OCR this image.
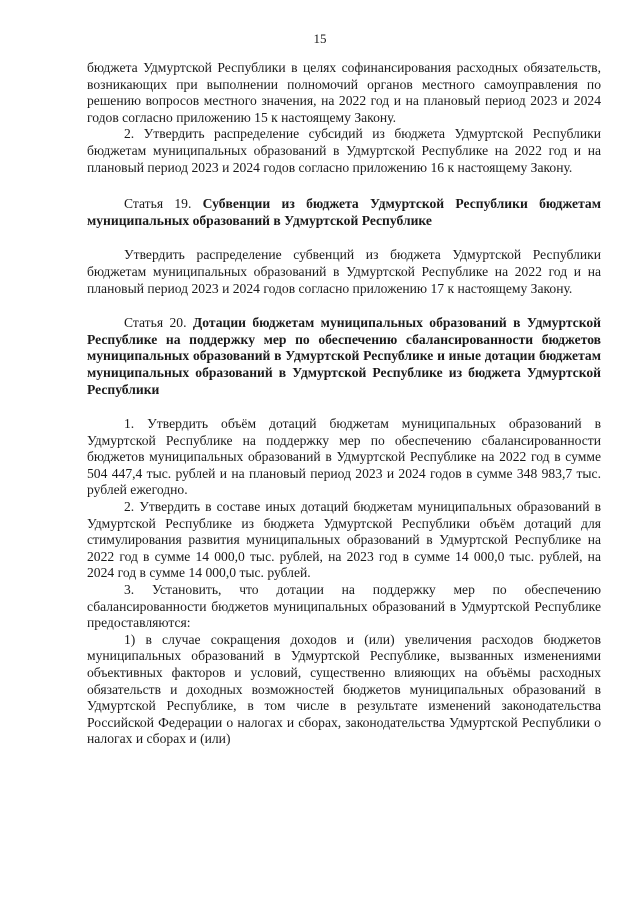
15

бюджета Удмуртской Республики в целях софинансирования расходных обязательств, возникающих при выполнении полномочий органов местного самоуправления по решению вопросов местного значения, на 2022 год и на плановый период 2023 и 2024 годов согласно приложению 15 к настоящему Закону.

2. Утвердить распределение субсидий из бюджета Удмуртской Республики бюджетам муниципальных образований в Удмуртской Республике на 2022 год и на плановый период 2023 и 2024 годов согласно приложению 16 к настоящему Закону.

Статья 19. Субвенции из бюджета Удмуртской Республики бюджетам муниципальных образований в Удмуртской Республике

Утвердить распределение субвенций из бюджета Удмуртской Республики бюджетам муниципальных образований в Удмуртской Республике на 2022 год и на плановый период 2023 и 2024 годов согласно приложению 17 к настоящему Закону.

Статья 20. Дотации бюджетам муниципальных образований в Удмуртской Республике на поддержку мер по обеспечению сбалансированности бюджетов муниципальных образований в Удмуртской Республике и иные дотации бюджетам муниципальных образований в Удмуртской Республике из бюджета Удмуртской Республики

1. Утвердить объём дотаций бюджетам муниципальных образований в Удмуртской Республике на поддержку мер по обеспечению сбалансированности бюджетов муниципальных образований в Удмуртской Республике на 2022 год в сумме 504 447,4 тыс. рублей и на плановый период 2023 и 2024 годов в сумме 348 983,7 тыс. рублей ежегодно.

2. Утвердить в составе иных дотаций бюджетам муниципальных образований в Удмуртской Республике из бюджета Удмуртской Республики объём дотаций для стимулирования развития муниципальных образований в Удмуртской Республике на 2022 год в сумме 14 000,0 тыс. рублей, на 2023 год в сумме 14 000,0 тыс. рублей, на 2024 год в сумме 14 000,0 тыс. рублей.

3. Установить, что дотации на поддержку мер по обеспечению сбалансированности бюджетов муниципальных образований в Удмуртской Республике предоставляются:

1) в случае сокращения доходов и (или) увеличения расходов бюджетов муниципальных образований в Удмуртской Республике, вызванных изменениями объективных факторов и условий, существенно влияющих на объёмы расходных обязательств и доходных возможностей бюджетов муниципальных образований в Удмуртской Республике, в том числе в результате изменений законодательства Российской Федерации о налогах и сборах, законодательства Удмуртской Республики о налогах и сборах и (или)
